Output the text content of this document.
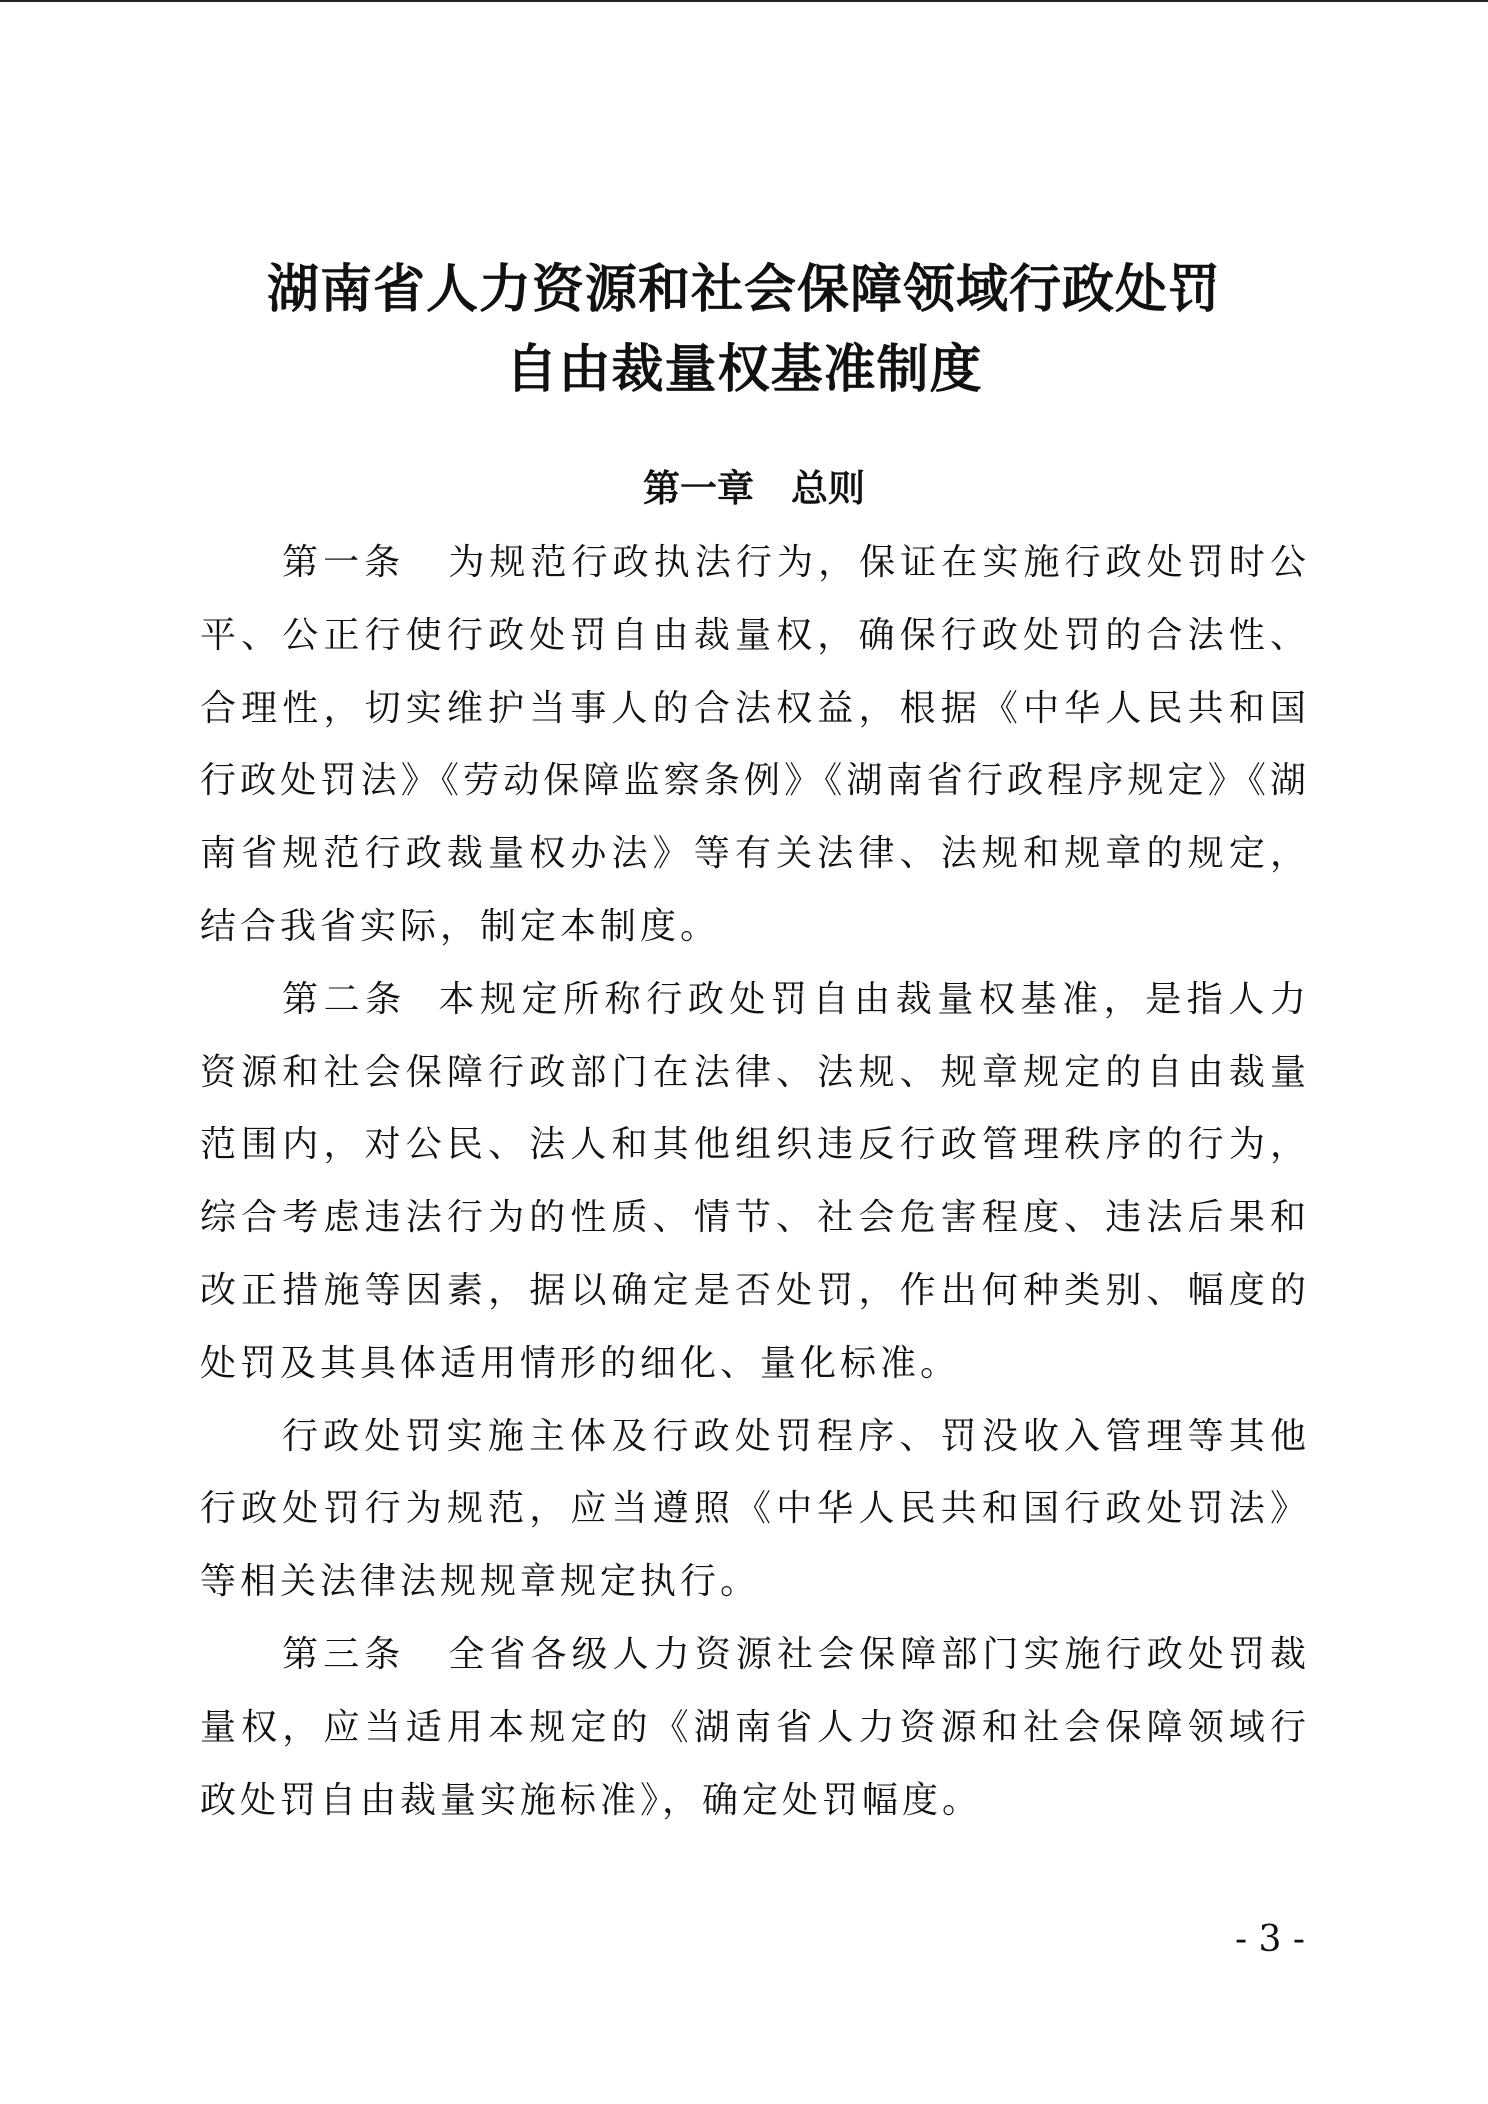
湖南省人力资源和社会保障领域行政处罚
自由裁量权基准制度
第一章　总则

第一条 为规范行政执法行为，保证在实施行政处罚时公平、公正行使行政处罚自由裁量权，确保行政处罚的合法性、合理性，切实维护当事人的合法权益，根据《中华人民共和国行政处罚法》《劳动保障监察条例》《湖南省行政程序规定》《湖南省规范行政裁量权办法》等有关法律、法规和规章的规定，结合我省实际，制定本制度。

第二条 本规定所称行政处罚自由裁量权基准，是指人力资源和社会保障行政部门在法律、法规、规章规定的自由裁量范围内，对公民、法人和其他组织违反行政管理秩序的行为，综合考虑违法行为的性质、情节、社会危害程度、违法后果和改正措施等因素，据以确定是否处罚，作出何种类别、幅度的处罚及其具体适用情形的细化、量化标准。

行政处罚实施主体及行政处罚程序、罚没收入管理等其他行政处罚行为规范，应当遵照《中华人民共和国行政处罚法》等相关法律法规规章规定执行。

第三条 全省各级人力资源社会保障部门实施行政处罚裁量权，应当适用本规定的《湖南省人力资源和社会保障领域行政处罚自由裁量实施标准》，确定处罚幅度。

- 3 -
